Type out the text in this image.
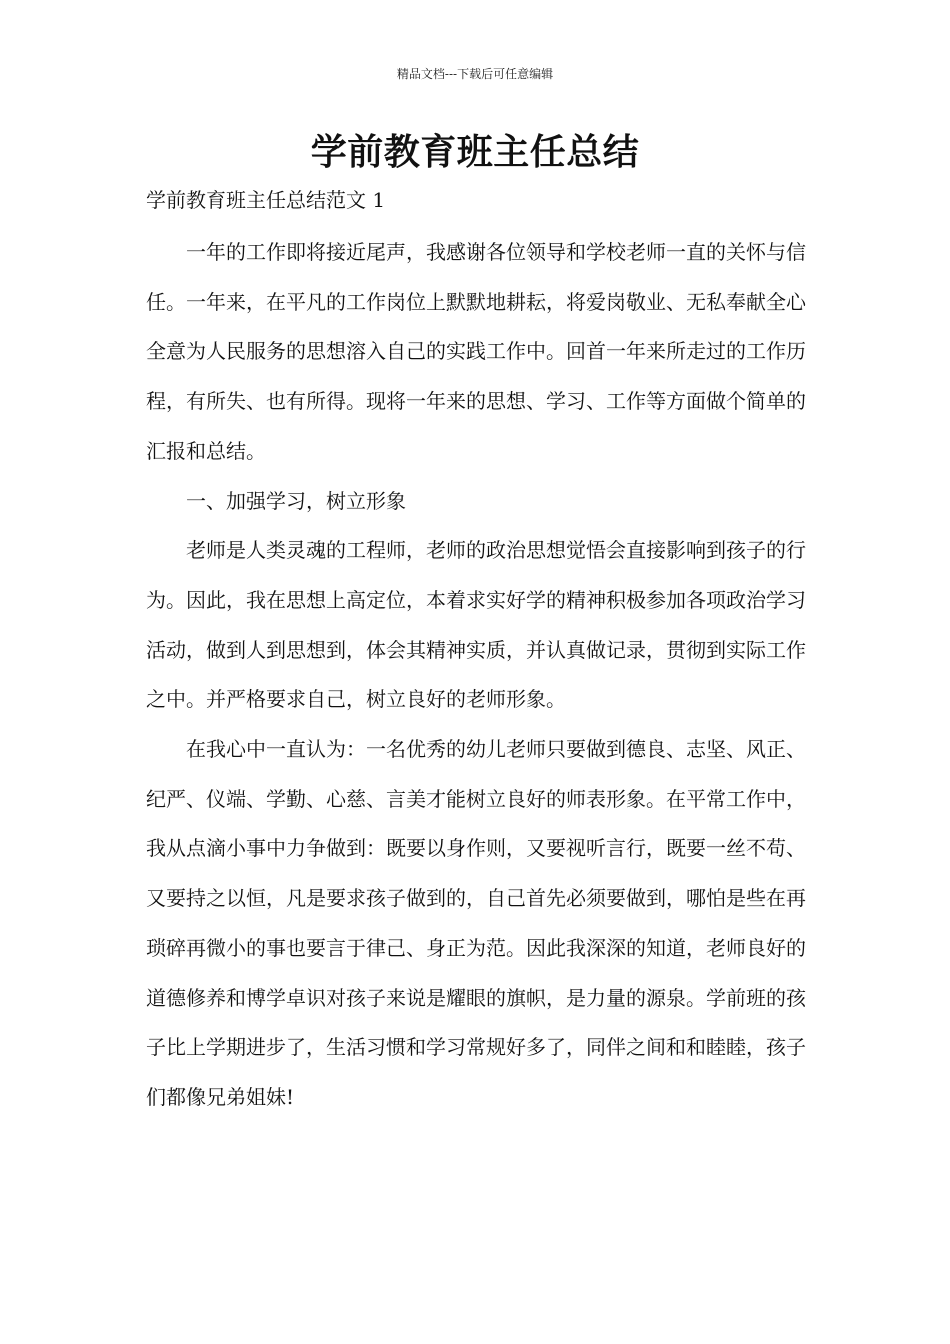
精品文档---下载后可任意编辑
学前教育班主任总结
学前教育班主任总结范文 1

一年的工作即将接近尾声，我感谢各位领导和学校老师一直的关怀与信任。一年来，在平凡的工作岗位上默默地耕耘，将爱岗敬业、无私奉献全心全意为人民服务的思想溶入自己的实践工作中。回首一年来所走过的工作历程，有所失、也有所得。现将一年来的思想、学习、工作等方面做个简单的汇报和总结。

一、加强学习，树立形象

老师是人类灵魂的工程师，老师的政治思想觉悟会直接影响到孩子的行为。因此，我在思想上高定位，本着求实好学的精神积极参加各项政治学习活动，做到人到思想到，体会其精神实质，并认真做记录，贯彻到实际工作之中。并严格要求自己，树立良好的老师形象。

在我心中一直认为：一名优秀的幼儿老师只要做到德良、志坚、风正、纪严、仪端、学勤、心慈、言美才能树立良好的师表形象。在平常工作中，我从点滴小事中力争做到：既要以身作则，又要视听言行，既要一丝不苟、又要持之以恒，凡是要求孩子做到的，自己首先必须要做到，哪怕是些在再琐碎再微小的事也要言于律己、身正为范。因此我深深的知道，老师良好的道德修养和博学卓识对孩子来说是耀眼的旗帜，是力量的源泉。学前班的孩子比上学期进步了，生活习惯和学习常规好多了，同伴之间和和睦睦，孩子们都像兄弟姐妹!
